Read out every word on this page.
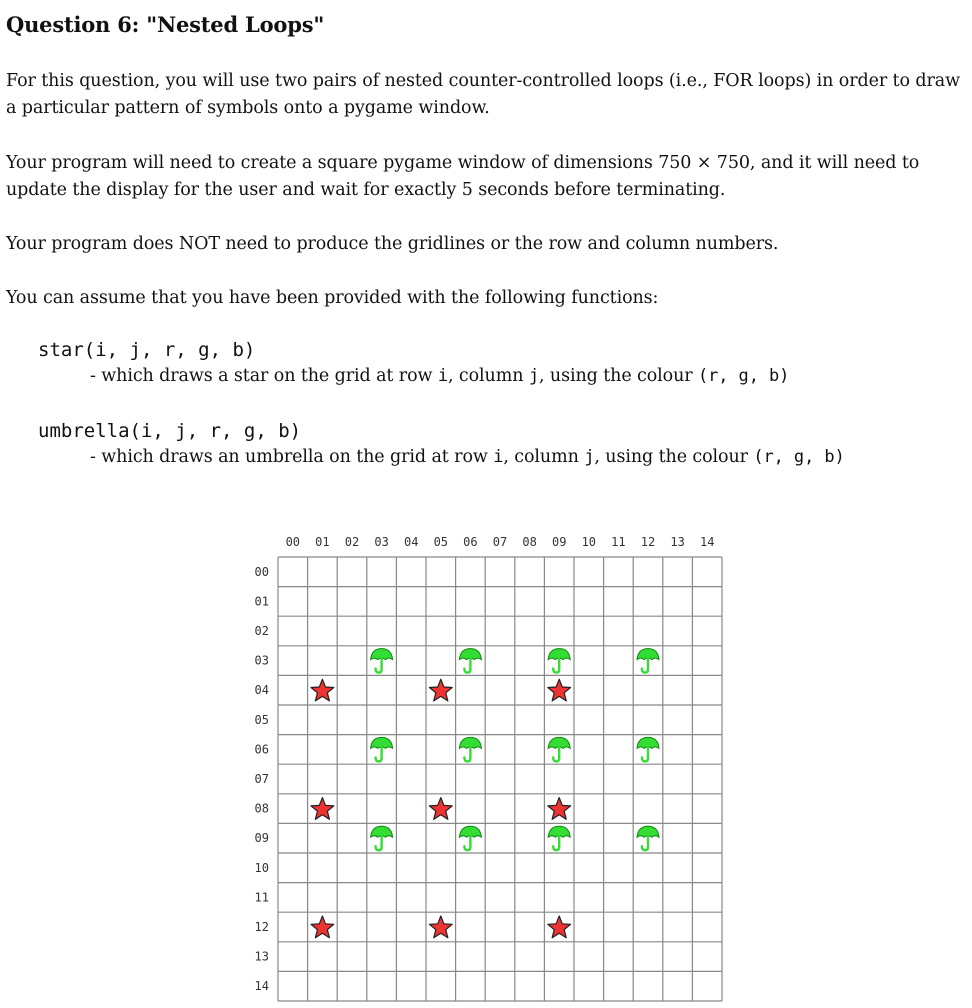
Question 6: "Nested Loops"
For this question, you will use two pairs of nested counter-controlled loops (i.e., FOR loops) in order to draw a particular pattern of symbols onto a pygame window.
Your program will need to create a square pygame window of dimensions 750 × 750, and it will need to update the display for the user and wait for exactly 5 seconds before terminating.
Your program does NOT need to produce the gridlines or the row and column numbers.
You can assume that you have been provided with the following functions:
star(i, j, r, g, b)
- which draws a star on the grid at row i, column j, using the colour (r, g, b)
umbrella(i, j, r, g, b)
- which draws an umbrella on the grid at row i, column j, using the colour (r, g, b)
00 01 02 03 04 05 06 07 08 09 10 11 12 13 14
00
01
02
03
04
05
06
07
08
09
10
11
12
13
14
